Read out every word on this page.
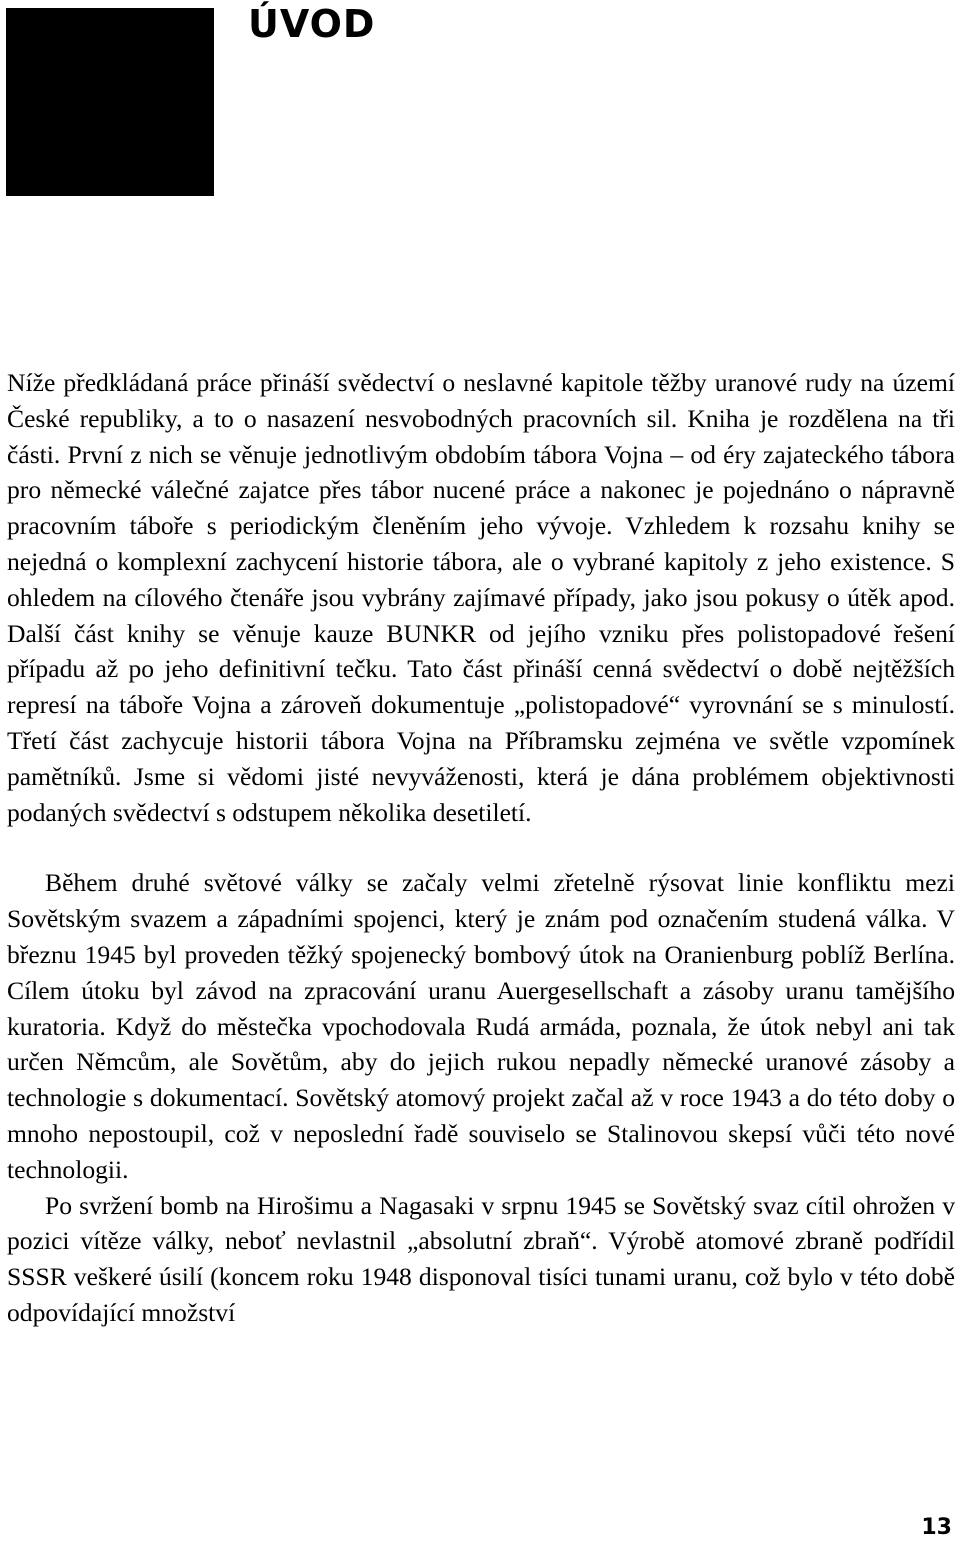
ÚVOD

Níže předkládaná práce přináší svědectví o neslavné kapitole těžby uranové rudy na území České republiky, a to o nasazení nesvobodných pracovních sil. Kniha je rozdělena na tři části. První z nich se věnuje jednotlivým obdobím tábora Vojna – od éry zajateckého tábora pro německé válečné zajatce přes tábor nucené práce a nakonec je pojednáno o nápravně pracovním táboře s periodickým členěním jeho vývoje. Vzhledem k rozsahu knihy se nejedná o komplexní zachycení historie tábora, ale o vybrané kapitoly z jeho existence. S ohledem na cílového čtenáře jsou vybrány zajímavé případy, jako jsou pokusy o útěk apod. Další část knihy se věnuje kauze BUNKR od jejího vzniku přes polistopadové řešení případu až po jeho definitivní tečku. Tato část přináší cenná svědectví o době nejtěžších represí na táboře Vojna a zároveň dokumentuje „polistopadové“ vyrovnání se s minulostí. Třetí část zachycuje historii tábora Vojna na Příbramsku zejména ve světle vzpomínek pamětníků. Jsme si vědomi jisté nevyváženosti, která je dána problémem objektivnosti podaných svědectví s odstupem několika desetiletí.

Během druhé světové války se začaly velmi zřetelně rýsovat linie konfliktu mezi Sovětským svazem a západními spojenci, který je znám pod označením studená válka. V březnu 1945 byl proveden těžký spojenecký bombový útok na Oranienburg poblíž Berlína. Cílem útoku byl závod na zpracování uranu Auergesellschaft a zásoby uranu tamějšího kuratoria. Když do městečka vpochodovala Rudá armáda, poznala, že útok nebyl ani tak určen Němcům, ale Sovětům, aby do jejich rukou nepadly německé uranové zásoby a technologie s dokumentací. Sovětský atomový projekt začal až v roce 1943 a do této doby o mnoho nepostoupil, což v neposlední řadě souviselo se Stalinovou skepsí vůči této nové technologii.

Po svržení bomb na Hirošimu a Nagasaki v srpnu 1945 se Sovětský svaz cítil ohrožen v pozici vítěze války, neboť nevlastnil „absolutní zbraň“. Výrobě atomové zbraně podřídil SSSR veškeré úsilí (koncem roku 1948 disponoval tisíci tunami uranu, což bylo v této době odpovídající množství

13
